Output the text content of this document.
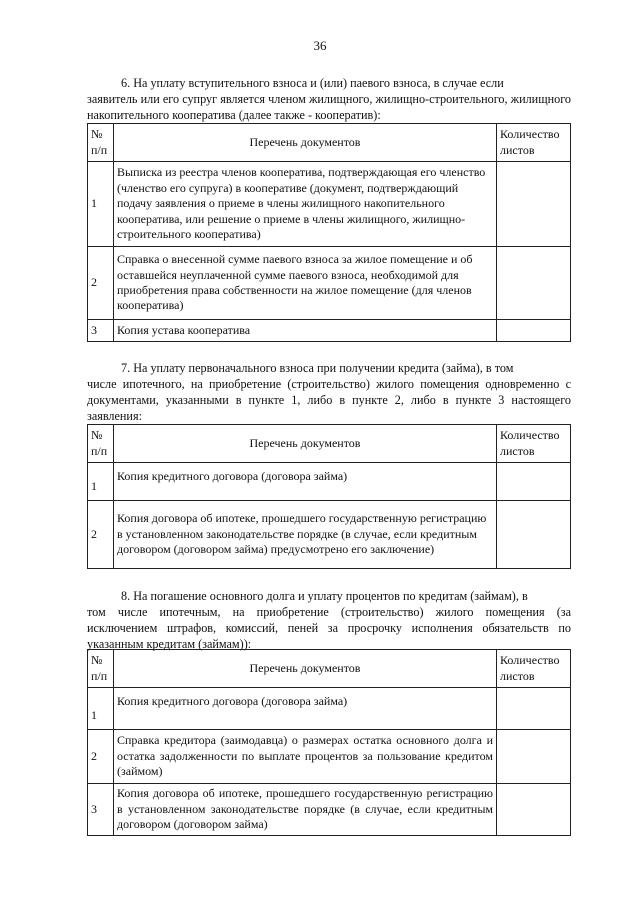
36
6. На уплату вступительного взноса и (или) паевого взноса, в случае если
заявитель или его супруг является членом жилищного, жилищно-строительного, жилищного накопительного кооператива (далее также - кооператив):
№ п/п	Перечень документов	Количество листов
1	Выписка из реестра членов кооператива, подтверждающая его членство (членство его супруга) в кооперативе (документ, подтверждающий подачу заявления о приеме в члены жилищного накопительного кооператива, или решение о приеме в члены жилищного, жилищно-строительного кооператива)	
2	Справка о внесенной сумме паевого взноса за жилое помещение и об оставшейся неуплаченной сумме паевого взноса, необходимой для приобретения права собственности на жилое помещение (для членов кооператива)	
3	Копия устава кооператива	
7. На уплату первоначального взноса при получении кредита (займа), в том
числе ипотечного, на приобретение (строительство) жилого помещения одновременно с документами, указанными в пункте 1, либо в пункте 2, либо в пункте 3 настоящего заявления:
№ п/п	Перечень документов	Количество листов
1	Копия кредитного договора (договора займа)	
2	Копия договора об ипотеке, прошедшего государственную регистрацию в установленном законодательстве порядке (в случае, если кредитным договором (договором займа) предусмотрено его заключение)	
8. На погашение основного долга и уплату процентов по кредитам (займам), в
том числе ипотечным, на приобретение (строительство) жилого помещения (за исключением штрафов, комиссий, пеней за просрочку исполнения обязательств по указанным кредитам (займам)):
№ п/п	Перечень документов	Количество листов
1	Копия кредитного договора (договора займа)	
2	Справка кредитора (заимодавца) о размерах остатка основного долга и остатка задолженности по выплате процентов за пользование кредитом (займом)	
3	Копия договора об ипотеке, прошедшего государственную регистрацию в установленном законодательстве порядке (в случае, если кредитным договором (договором займа)	
